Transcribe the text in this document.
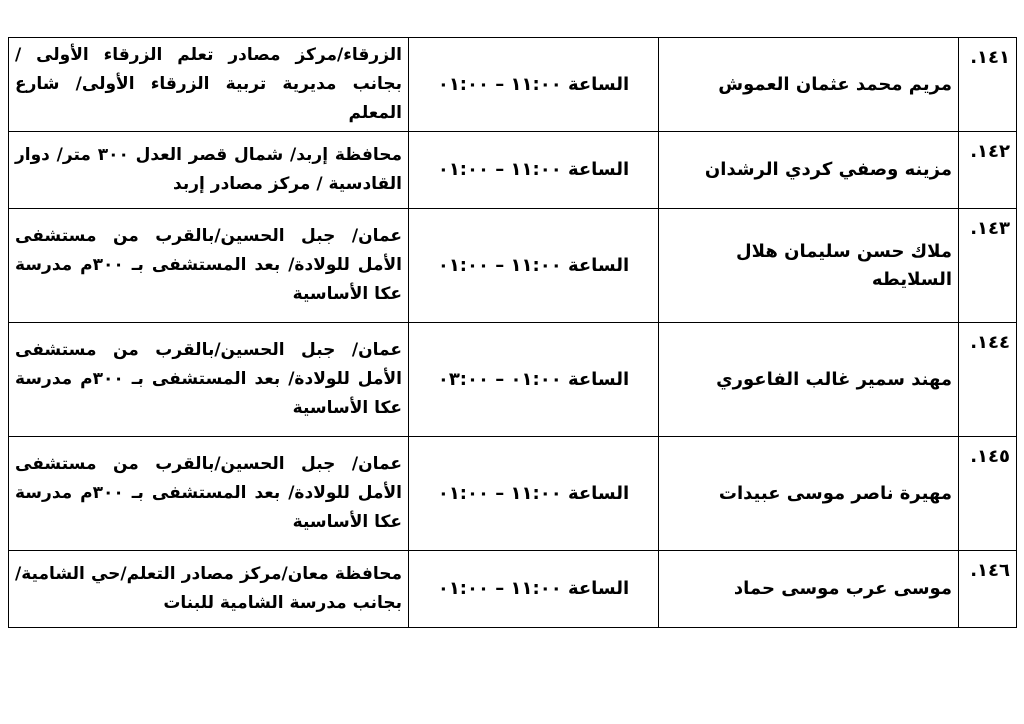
١٤١.	مريم محمد عثمان العموش	الساعة ١١:٠٠ – ٠١:٠٠	الزرقاء/مركز مصادر تعلم الزرقاء الأولى /بجانب مديرية تربية الزرقاء الأولى/ شارع المعلم
١٤٢.	مزينه وصفي كردي الرشدان	الساعة ١١:٠٠ – ٠١:٠٠	محافظة إربد/ شمال قصر العدل ٣٠٠ متر/ دوار القادسية / مركز مصادر إربد
١٤٣.	ملاك حسن سليمان هلال السلايطه	الساعة ١١:٠٠ – ٠١:٠٠	عمان/ جبل الحسين/بالقرب من مستشفى الأمل للولادة/ بعد المستشفى بـ ٣٠٠م مدرسة عكا الأساسية
١٤٤.	مهند سمير غالب الفاعوري	الساعة ٠١:٠٠ – ٠٣:٠٠	عمان/ جبل الحسين/بالقرب من مستشفى الأمل للولادة/ بعد المستشفى بـ ٣٠٠م مدرسة عكا الأساسية
١٤٥.	مهيرة ناصر موسى عبيدات	الساعة ١١:٠٠ – ٠١:٠٠	عمان/ جبل الحسين/بالقرب من مستشفى الأمل للولادة/ بعد المستشفى بـ ٣٠٠م مدرسة عكا الأساسية
١٤٦.	موسى عرب موسى حماد	الساعة ١١:٠٠ – ٠١:٠٠	محافظة معان/مركز مصادر التعلم/حي الشامية/ بجانب مدرسة الشامية للبنات
